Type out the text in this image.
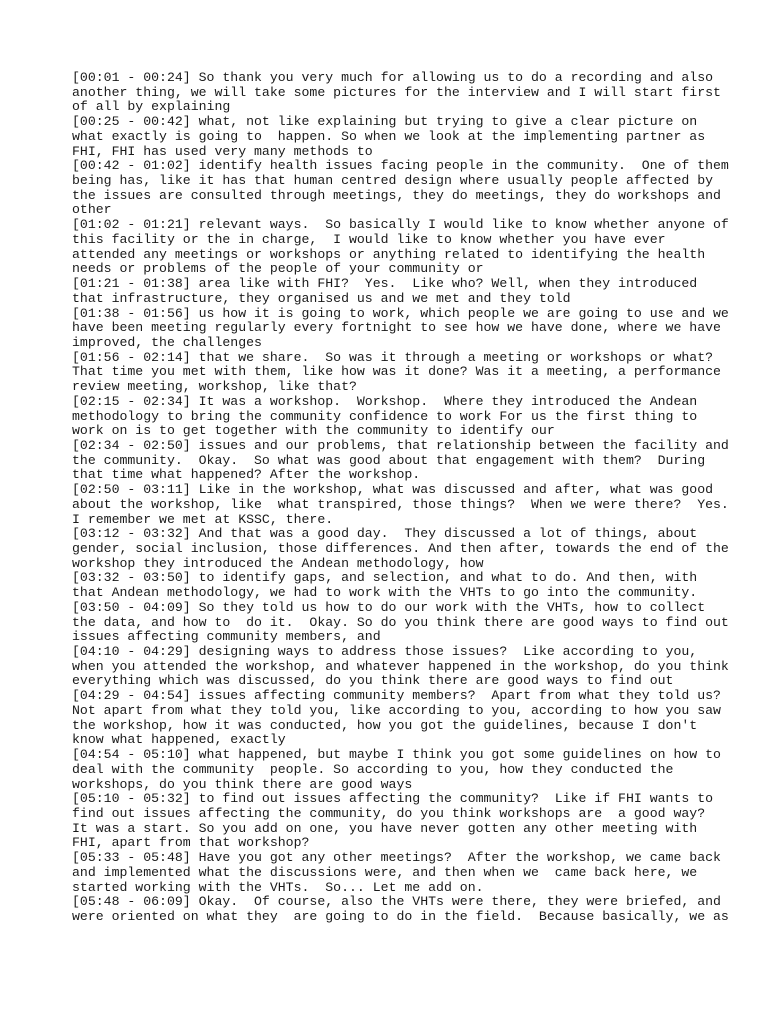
[00:01 - 00:24] So thank you very much for allowing us to do a recording and also
another thing, we will take some pictures for the interview and I will start first
of all by explaining
[00:25 - 00:42] what, not like explaining but trying to give a clear picture on
what exactly is going to  happen. So when we look at the implementing partner as
FHI, FHI has used very many methods to
[00:42 - 01:02] identify health issues facing people in the community.  One of them
being has, like it has that human centred design where usually people affected by
the issues are consulted through meetings, they do meetings, they do workshops and
other
[01:02 - 01:21] relevant ways.  So basically I would like to know whether anyone of
this facility or the in charge,  I would like to know whether you have ever
attended any meetings or workshops or anything related to identifying the health
needs or problems of the people of your community or
[01:21 - 01:38] area like with FHI?  Yes.  Like who? Well, when they introduced
that infrastructure, they organised us and we met and they told
[01:38 - 01:56] us how it is going to work, which people we are going to use and we
have been meeting regularly every fortnight to see how we have done, where we have
improved, the challenges
[01:56 - 02:14] that we share.  So was it through a meeting or workshops or what?
That time you met with them, like how was it done? Was it a meeting, a performance
review meeting, workshop, like that?
[02:15 - 02:34] It was a workshop.  Workshop.  Where they introduced the Andean
methodology to bring the community confidence to work For us the first thing to
work on is to get together with the community to identify our
[02:34 - 02:50] issues and our problems, that relationship between the facility and
the community.  Okay.  So what was good about that engagement with them?  During
that time what happened? After the workshop.
[02:50 - 03:11] Like in the workshop, what was discussed and after, what was good
about the workshop, like  what transpired, those things?  When we were there?  Yes.
I remember we met at KSSC, there.
[03:12 - 03:32] And that was a good day.  They discussed a lot of things, about
gender, social inclusion, those differences. And then after, towards the end of the
workshop they introduced the Andean methodology, how
[03:32 - 03:50] to identify gaps, and selection, and what to do. And then, with
that Andean methodology, we had to work with the VHTs to go into the community.
[03:50 - 04:09] So they told us how to do our work with the VHTs, how to collect
the data, and how to  do it.  Okay. So do you think there are good ways to find out
issues affecting community members, and
[04:10 - 04:29] designing ways to address those issues?  Like according to you,
when you attended the workshop, and whatever happened in the workshop, do you think
everything which was discussed, do you think there are good ways to find out
[04:29 - 04:54] issues affecting community members?  Apart from what they told us?
Not apart from what they told you, like according to you, according to how you saw
the workshop, how it was conducted, how you got the guidelines, because I don't
know what happened, exactly
[04:54 - 05:10] what happened, but maybe I think you got some guidelines on how to
deal with the community  people. So according to you, how they conducted the
workshops, do you think there are good ways
[05:10 - 05:32] to find out issues affecting the community?  Like if FHI wants to
find out issues affecting the community, do you think workshops are  a good way?
It was a start. So you add on one, you have never gotten any other meeting with
FHI, apart from that workshop?
[05:33 - 05:48] Have you got any other meetings?  After the workshop, we came back
and implemented what the discussions were, and then when we  came back here, we
started working with the VHTs.  So... Let me add on.
[05:48 - 06:09] Okay.  Of course, also the VHTs were there, they were briefed, and
were oriented on what they  are going to do in the field.  Because basically, we as
